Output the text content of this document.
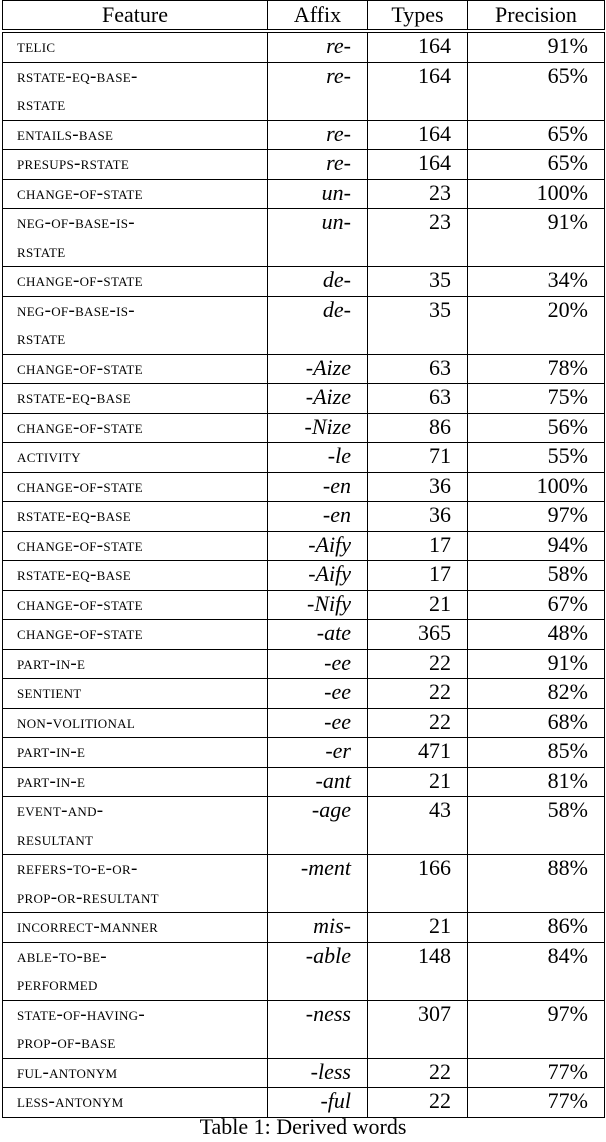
Feature	Affix	Types	Precision
telic	re-	164	91%
rstate-eq-base-
rstate	re-	164	65%
entails-base	re-	164	65%
presups-rstate	re-	164	65%
change-of-state	un-	23	100%
neg-of-base-is-
rstate	un-	23	91%
change-of-state	de-	35	34%
neg-of-base-is-
rstate	de-	35	20%
change-of-state	-Aize	63	78%
rstate-eq-base	-Aize	63	75%
change-of-state	-Nize	86	56%
activity	-le	71	55%
change-of-state	-en	36	100%
rstate-eq-base	-en	36	97%
change-of-state	-Aify	17	94%
rstate-eq-base	-Aify	17	58%
change-of-state	-Nify	21	67%
change-of-state	-ate	365	48%
part-in-e	-ee	22	91%
sentient	-ee	22	82%
non-volitional	-ee	22	68%
part-in-e	-er	471	85%
part-in-e	-ant	21	81%
event-and-
resultant	-age	43	58%
refers-to-e-or-
prop-or-resultant	-ment	166	88%
incorrect-manner	mis-	21	86%
able-to-be-
performed	-able	148	84%
state-of-having-
prop-of-base	-ness	307	97%
ful-antonym	-less	22	77%
less-antonym	-ful	22	77%
Table 1: Derived words
